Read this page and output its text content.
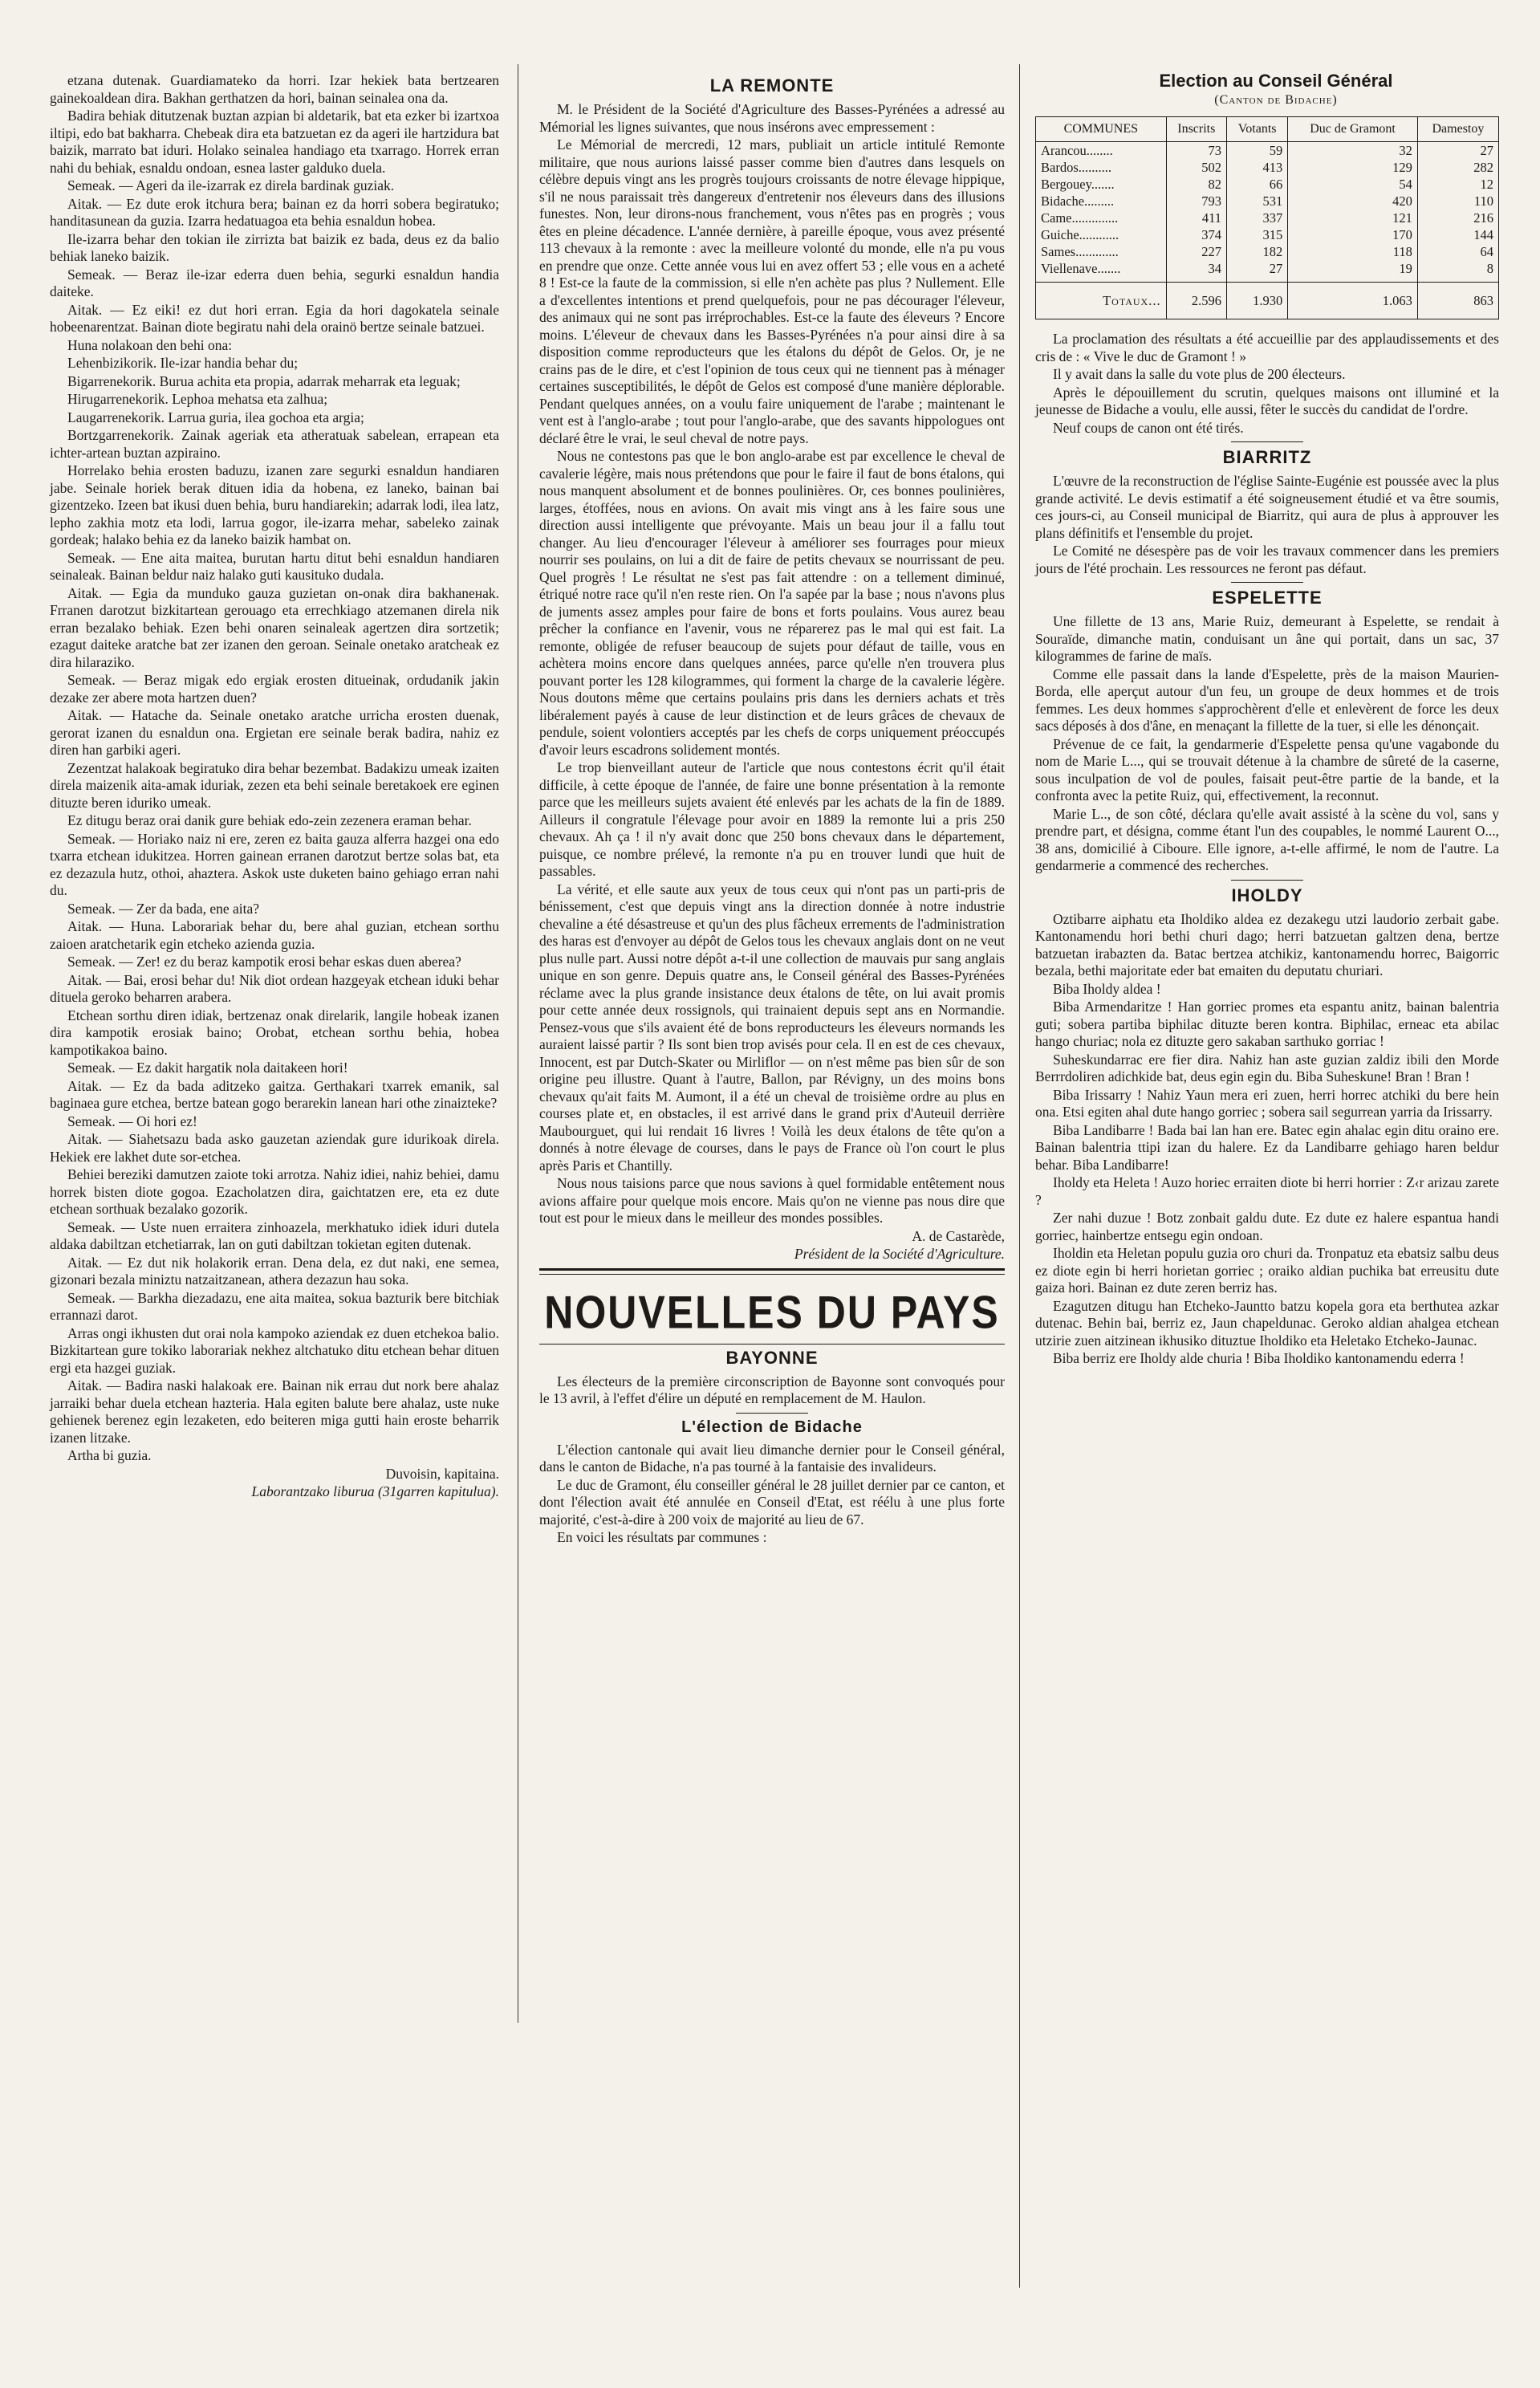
etzana dutenak. Guardiamateko da horri. Izar hekiek bata bertzearen gainekoaldean dira. Bakhan gerthatzen da hori, bainan seinalea ona da.

Badira behiak ditutzenak buztan azpian bi aldetarik, bat eta ezker bi izartxoa iltipi, edo bat bakharra. Chebeak dira eta batzuetan ez da ageri ile hartzidura bat baizik, marrato bat iduri. Holako seinalea handiago eta txarrago. Horrek erran nahi du behiak, esnaldu ondoan, esnea laster galduko duela.

Semeak. — Ageri da ile-izarrak ez direla bardinak guziak.

Aitak. — Ez dute erok itchura bera; bainan ez da horri sobera begiratuko; handitasunean da guzia. Izarra hedatuagoa eta behia esnaldun hobea.

Ile-izarra behar den tokian ile zirrizta bat baizik ez bada, deus ez da balio behiak laneko baizik.

Semeak. — Beraz ile-izar ederra duen behia, segurki esnaldun handia daiteke.

Aitak. — Ez eiki! ez dut hori erran. Egia da hori dagokatela seinale hobeenarentzat. Bainan diote begiratu nahi dela orainö bertze seinale batzuei.

Huna nolakoan den behi ona:

Lehenbizikorik. Ile-izar handia behar du;

Bigarrenekorik. Buruа achita eta propia, adarrak meharrak eta leguak;

Hirugarrenekorik. Lephoa mehatsa eta zalhua;

Laugarrenekorik. Larrua guria, ilea gochoa eta argia;

Bortzgarrenekorik. Zainak ageriak eta atheratuak sabelean, errapean eta ichter-artean buztan azpiraino.

Horrelako behia erosten baduzu, izanen zare segurki esnaldun handiaren jabe. Seinale horiek berak dituen idia da hobena, ez laneko, bainan bai gizentzeko. Izeen bat ikusi duen behia, buru handiarekin; adarrak lodi, ilea latz, lepho zakhia motz eta lodi, larrua gogor, ile-izarra mehar, sabeleko zainak gordeak; halako behia ez da laneko baizik hambat on.

Semeak. — Ene aita maitea, burutan hartu ditut behi esnaldun handiaren seinaleak. Bainan beldur naiz halako guti kausituko dudala.

Aitak. — Egia da munduko gauza guzietan on-onak dira bakhaneнak. Frranen darotzut bizkitartean gerouago eta errechkiago atzemanen direla nik erran bezalako behiak. Ezen behi onaren seinaleak agertzen dira sortzetik; ezagut daiteke aratche bat zer izanen den geroan. Seinale onetako aratcheak ez dira hilaraziko.

Semeak. — Beraz migak edo ergiak erosten ditueinak, ordudanik jakin dezake zer abere mota hartzen duen?

Aitak. — Hatache da. Seinale onetako aratche urricha erosten duenak, gerorat izanen du esnaldun ona. Ergietan ere seinale berak badira, nahiz ez diren han garbiki ageri.

Zezentzat halakoak begiratuko dira behar bezembat. Badakizu umeak izaiten direla maizenik aita-amak iduriak, zezen eta behi seinale beretakoek ere eginen dituzte beren iduriko umeak.

Ez ditugu beraz orai danik gure behiak edo-zein zezenera eraman behar.

Semeak. — Horiako naiz ni ere, zeren ez baita gauza alferra hazgei ona edo txarra etchean idukitzea. Horren gainean erranen darotzut bertze solas bat, eta ez dezazula hutz, othoi, ahaztera. Askok uste duketen baino gehiago erran nahi du.

Semeak. — Zer da bada, ene aita?

Aitak. — Huna. Laborariak behar du, bere ahal guzian, etchean sorthu zaioen aratchetarik egin etcheko azienda guzia.

Semeak. — Zer! ez du beraz kampotik erosi behar eskas duen aberea?

Aitak. — Bai, erosi behar du! Nik diot ordean hazgeyak etchean iduki behar dituela geroko beharren arabera.

Etchean sorthu diren idiak, bertzenaz onak direlarik, langile hobeak izanen dira kampotik erosiak baino; Orobat, etchean sorthu behia, hobea kampotikakoa baino.

Semeak. — Ez dakit hargatik nola daitakeen hori!

Aitak. — Ez da bada aditzeko gaitza. Gerthakari txarrek emanik, sal baginaea gure etchea, bertze batean gogo berarekin lanean hari othe zinaizteke?

Semeak. — Oi hori ez!

Aitak. — Siahetsazu bada asko gauzetan aziendak gure idurikoak direla. Hekiek ere lakhet dute sor-etchea.

Behiei bereziki damutzen zaiote toki arrotza. Nahiz idiei, nahiz behiei, damu horrek bisten diote gogoa. Ezacholatzen dira, gaichtatzen ere, eta ez dute etchean sorthuak bezalako gozorik.

Semeak. — Uste nuen erraitera zinhoazela, merkhatuko idiek iduri dutela aldaka dabiltzan etchetiarrak, lan on guti dabiltzan tokietan egiten dutenak.

Aitak. — Ez dut nik holakorik erran. Dena dela, ez dut naki, ene semea, gizonari bezala miniztu natzaitzanean, athera dezazun hau soka.

Semeak. — Barkha diezadazu, ene aita maitea, sokua bazturik bere bitchiak errannazi darot.

Arras ongi ikhusten dut orai nola kampoko aziendak ez duen etchekoa balio. Bizkitartean gure tokiko laborariak nekhez altchatuko ditu etchean behar dituen ergi eta hazgei guziak.

Aitak. — Badira naski halakoak ere. Bainan nik errau dut nork bere ahalaz jarraiki behar duela etchean hazteria. Hala egiten balute bere ahalaz, uste nuke gehienek berenez egin lezaketen, edo beiteren miga gutti hain eroste beharrik izanen litzake.

Artha bi guzia.

Duvoisin, kapitaina.

Laborantzako liburua (31garren kapitulua).

LA REMONTE

M. le Président de la Société d'Agriculture des Basses-Pyrénées a adressé au Mémorial les lignes suivantes, que nous insérons avec empressement :

Le Mémorial de mercredi, 12 mars, publiait un article intitulé Remonte militaire, que nous aurions laissé passer comme bien d'autres dans lesquels on célèbre depuis vingt ans les progrès toujours croissants de notre élevage hippique, s'il ne nous paraissait très dangereux d'entretenir nos éleveurs dans des illusions funestes. Non, leur dirons-nous franchement, vous n'êtes pas en progrès ; vous êtes en pleine décadence. L'année dernière, à pareille époque, vous avez présenté 113 chevaux à la remonte : avec la meilleure volonté du monde, elle n'a pu vous en prendre que onze. Cette année vous lui en avez offert 53 ; elle vous en a acheté 8 ! Est-ce la faute de la commission, si elle n'en achète pas plus ? Nullement. Elle a d'excellentes intentions et prend quelquefois, pour ne pas décourager l'éleveur, des animaux qui ne sont pas irréprochables. Est-ce la faute des éleveurs ? Encore moins. L'éleveur de chevaux dans les Basses-Pyrénées n'a pour ainsi dire à sa disposition comme reproducteurs que les étalons du dépôt de Gelos. Or, je ne crains pas de le dire, et c'est l'opinion de tous ceux qui ne tiennent pas à ménager certaines susceptibilités, le dépôt de Gelos est composé d'une manière déplorable. Pendant quelques années, on a voulu faire uniquement de l'arabe ; maintenant le vent est à l'anglo-arabe ; tout pour l'anglo-arabe, que des savants hippologues ont déclaré être le vrai, le seul cheval de notre pays.

Nous ne contestons pas que le bon anglo-arabe est par excellence le cheval de cavalerie légère, mais nous prétendons que pour le faire il faut de bons étalons, qui nous manquent absolument et de bonnes poulinières. Or, ces bonnes poulinières, larges, étoffées, nous en avions. On avait mis vingt ans à les faire sous une direction aussi intelligente que prévoyante. Mais un beau jour il a fallu tout changer. Au lieu d'encourager l'éleveur à améliorer ses fourrages pour mieux nourrir ses poulains, on lui a dit de faire de petits chevaux se nourrissant de peu. Quel progrès ! Le résultat ne s'est pas fait attendre : on a tellement diminué, étriqué notre race qu'il n'en reste rien. On l'a sapée par la base ; nous n'avons plus de juments assez amples pour faire de bons et forts poulains. Vous aurez beau prêcher la confiance en l'avenir, vous ne réparerez pas le mal qui est fait. La remonte, obligée de refuser beaucoup de sujets pour défaut de taille, vous en achètera moins encore dans quelques années, parce qu'elle n'en trouvera plus pouvant porter les 128 kilogrammes, qui forment la charge de la cavalerie légère. Nous doutons même que certains poulains pris dans les derniers achats et très libéralement payés à cause de leur distinction et de leurs grâces de chevaux de pendule, soient volontiers acceptés par les chefs de corps uniquement préoccupés d'avoir leurs escadrons solidement montés.

Le trop bienveillant auteur de l'article que nous contestons écrit qu'il était difficile, à cette époque de l'année, de faire une bonne présentation à la remonte parce que les meilleurs sujets avaient été enlevés par les achats de la fin de 1889. Ailleurs il congratule l'élevage pour avoir en 1889 la remonte lui a pris 250 chevaux. Ah ça ! il n'y avait donc que 250 bons chevaux dans le département, puisque, ce nombre prélevé, la remonte n'a pu en trouver lundi que huit de passables.

La vérité, et elle saute aux yeux de tous ceux qui n'ont pas un parti-pris de bénissement, c'est que depuis vingt ans la direction donnée à notre industrie chevaline a été désastreuse et qu'un des plus fâcheux errements de l'administration des haras est d'envoyer au dépôt de Gelos tous les chevaux anglais dont on ne veut plus nulle part. Aussi notre dépôt a-t-il une collection de mauvais pur sang anglais unique en son genre. Depuis quatre ans, le Conseil général des Basses-Pyrénées réclame avec la plus grande insistance deux étalons de tête, on lui avait promis pour cette année deux rossignols, qui trainaient depuis sept ans en Normandie. Pensez-vous que s'ils avaient été de bons reproducteurs les éleveurs normands les auraient laissé partir ? Ils sont bien trop avisés pour cela. Il en est de ces chevaux, Innocent, est par Dutch-Skater ou Mirliflor — on n'est même pas bien sûr de son origine peu illustre. Quant à l'autre, Ballon, par Révigny, un des moins bons chevaux qu'ait faits M. Aumont, il a été un cheval de troisième ordre au plus en courses plate et, en obstacles, il est arrivé dans le grand prix d'Auteuil derrière Maubourguet, qui lui rendait 16 livres ! Voilà les deux étalons de tête qu'on a donnés à notre élevage de courses, dans le pays de France où l'on court le plus après Paris et Chantilly.

Nous nous taisions parce que nous savions à quel formidable entêtement nous avions affaire pour quelque mois encore. Mais qu'on ne vienne pas nous dire que tout est pour le mieux dans le meilleur des mondes possibles.

A. de Castarède,

Président de la Société d'Agriculture.

NOUVELLES DU PAYS
BAYONNE

Les électeurs de la première circonscription de Bayonne sont convoqués pour le 13 avril, à l'effet d'élire un député en remplacement de M. Haulon.

L'élection de Bidache

L'élection cantonale qui avait lieu dimanche dernier pour le Conseil général, dans le canton de Bidache, n'a pas tourné à la fantaisie des invalideurs.

Le duc de Gramont, élu conseiller général le 28 juillet dernier par ce canton, et dont l'élection avait été annulée en Conseil d'Etat, est réélu à une plus forte majorité, c'est-à-dire à 200 voix de majorité au lieu de 67.

En voici les résultats par communes :

Election au Conseil Général

(Canton de Bidache)

COMMUNES	Inscrits	Votants	Duc de Gramont	Damestoy
Arancou........	73	59	32	27
Bardos..........	502	413	129	282
Bergouey.......	82	66	54	12
Bidache.........	793	531	420	110
Came..............	411	337	121	216
Guiche............	374	315	170	144
Sames.............	227	182	118	64
Viellenave.......	34	27	19	8
Totaux...	2.596	1.930	1.063	863

La proclamation des résultats a été accueillie par des applaudissements et des cris de : « Vive le duc de Gramont ! »

Il y avait dans la salle du vote plus de 200 électeurs.

Après le dépouillement du scrutin, quelques maisons ont illuminé et la jeunesse de Bidache a voulu, elle aussi, fêter le succès du candidat de l'ordre.

Neuf coups de canon ont été tirés.

BIARRITZ

L'œuvre de la reconstruction de l'église Sainte-Eugénie est poussée avec la plus grande activité. Le devis estimatif a été soigneusement étudié et va être soumis, ces jours-ci, au Conseil municipal de Biarritz, qui aura de plus à approuver les plans définitifs et l'ensemble du projet.

Le Comité ne désespère pas de voir les travaux commencer dans les premiers jours de l'été prochain. Les ressources ne feront pas défaut.

ESPELETTE

Une fillette de 13 ans, Marie Ruiz, demeurant à Espelette, se rendait à Souraïde, dimanche matin, conduisant un âne qui portait, dans un sac, 37 kilogrammes de farine de maïs.

Comme elle passait dans la lande d'Espelette, près de la maison Maurien-Borda, elle aperçut autour d'un feu, un groupe de deux hommes et de trois femmes. Les deux hommes s'approchèrent d'elle et enlevèrent de force les deux sacs déposés à dos d'âne, en menaçant la fillette de la tuer, si elle les dénonçait.

Prévenue de ce fait, la gendarmerie d'Espelette pensa qu'une vagabonde du nom de Marie L..., qui se trouvait détenue à la chambre de sûreté de la caserne, sous inculpation de vol de poules, faisait peut-être partie de la bande, et la confronta avec la petite Ruiz, qui, effectivement, la reconnut.

Marie L.., de son côté, déclara qu'elle avait assisté à la scène du vol, sans y prendre part, et désigna, comme étant l'un des coupables, le nommé Laurent O..., 38 ans, domicilié à Ciboure. Elle ignore, a-t-elle affirmé, le nom de l'autre. La gendarmerie a commencé des recherches.

IHOLDY

Oztibarre aiphatu eta Iholdiko aldea ez dezakegu utzi laudorio zerbait gabe. Kantonamendu hori bethi churi dago; herri batzuetan galtzen dena, bertze batzuetan irabazten da. Batac bertzea atchikiz, kantonamendu horrec, Baigorric bezala, bethi majoritate eder bat emaiten du deputatu churiari.

Biba Iholdy aldea !

Biba Armendaritze ! Han gorriec promes eta espantu anitz, bainan balentria guti; sobera partiba biphilac dituzte beren kontra. Biphilac, erneac eta abilac hango churiac; nola ez dituzte gero sakaban sarthuko gorriac !

Suheskundarrac ere fier dira. Nahiz han aste guzian zaldiz ibili den Morde Berrrdoliren adichkide bat, deus egin egin du. Biba Suheskune! Bran ! Bran !

Biba Irissarry ! Nahiz Yaun mera eri zuen, herri horrec atchiki du bere hein ona. Etsi egiten ahal dute hango gorriec ; sobera sail segurrean yarria da Irissarry.

Biba Landibarre ! Bada bai lan han ere. Batec egin ahalac egin ditu oraino ere. Bainan balentria ttipi izan du halere. Ez da Landibarre gehiago haren beldur behar. Biba Landibarre!

Iholdy eta Heleta ! Auzo horiec erraiten diote bi herri horrier : Z‹r arizau zarete ?

Zer nahi duzue ! Botz zonbait galdu dute. Ez dute ez halere espantua handi gorriec, hainbertze entsegu egin ondoan.

Iholdin eta Heletan populu guzia oro churi da. Tronpatuz eta ebatsiz salbu deus ez diote egin bi herri horietan gorriec ; oraiko aldian puchika bat erreusitu dute gaiza hori. Bainan ez dute zeren berriz has.

Ezagutzen ditugu han Etcheko-Jauntto batzu kopela gora eta berthutea azkar dutenac. Behin bai, berriz ez, Jaun chapeldunac. Geroko aldian ahalgea etchean utzirie zuen aitzinean ikhusiko dituztue Iholdiko eta Heletako Etcheko-Jaunac.

Biba berriz ere Iholdy alde churia ! Biba Iholdiko kantonamendu ederra !
